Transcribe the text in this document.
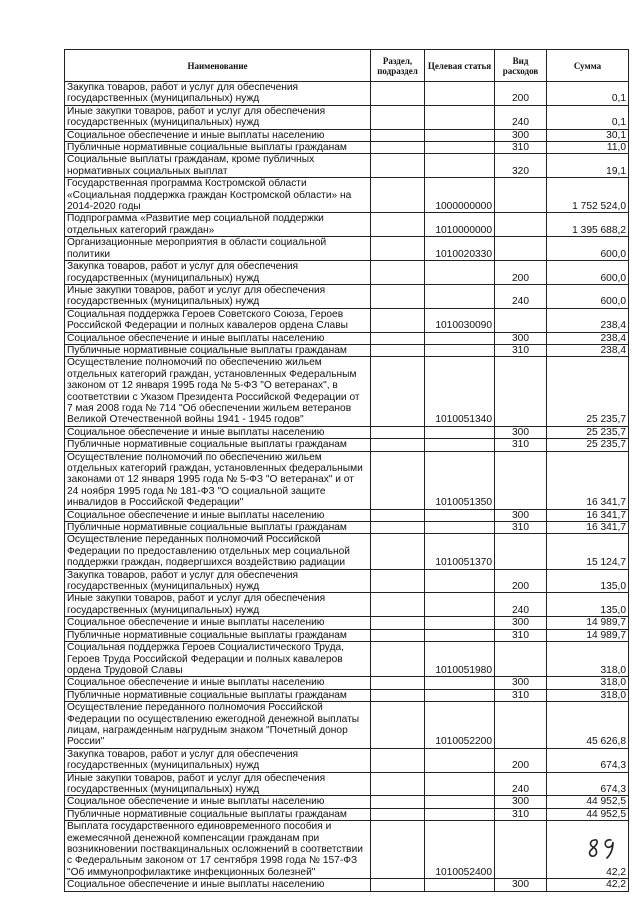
Наименование	Раздел, подраздел	Целевая статья	Вид расходов	Сумма
Закупка товаров, работ и услуг для обеспечения государственных (муниципальных) нужд			200	0,1
Иные закупки товаров, работ и услуг для обеспечения государственных (муниципальных) нужд			240	0,1
Социальное обеспечение и иные выплаты населению			300	30,1
Публичные нормативные социальные выплаты гражданам			310	11,0
Социальные выплаты гражданам, кроме публичных нормативных социальных выплат			320	19,1
Государственная программа Костромской области «Социальная поддержка граждан Костромской области» на 2014-2020 годы		1000000000		1 752 524,0
Подпрограмма «Развитие мер социальной поддержки отдельных категорий граждан»		1010000000		1 395 688,2
Организационные мероприятия в области социальной политики		1010020330		600,0
Закупка товаров, работ и услуг для обеспечения государственных (муниципальных) нужд			200	600,0
Иные закупки товаров, работ и услуг для обеспечения государственных (муниципальных) нужд			240	600,0
Социальная поддержка Героев Советского Союза, Героев Российской Федерации и полных кавалеров ордена Славы		1010030090		238,4
Социальное обеспечение и иные выплаты населению			300	238,4
Публичные нормативные социальные выплаты гражданам			310	238,4
Осуществление полномочий по обеспечению жильем отдельных категорий граждан, установленных Федеральным законом от 12 января 1995 года № 5-ФЗ "О ветеранах", в соответствии с Указом Президента Российской Федерации от 7 мая 2008 года № 714 "Об обеспечении жильем ветеранов Великой Отечественной войны 1941 - 1945 годов"		1010051340		25 235,7
Социальное обеспечение и иные выплаты населению			300	25 235,7
Публичные нормативные социальные выплаты гражданам			310	25 235,7
Осуществление полномочий по обеспечению жильем отдельных категорий граждан, установленных федеральными законами от 12 января 1995 года № 5-ФЗ "О ветеранах" и от 24 ноября 1995 года № 181-ФЗ "О социальной защите инвалидов в Российской Федерации"		1010051350		16 341,7
Социальное обеспечение и иные выплаты населению			300	16 341,7
Публичные нормативные социальные выплаты гражданам			310	16 341,7
Осуществление переданных полномочий Российской Федерации по предоставлению отдельных мер социальной поддержки граждан, подвергшихся воздействию радиации		1010051370		15 124,7
Закупка товаров, работ и услуг для обеспечения государственных (муниципальных) нужд			200	135,0
Иные закупки товаров, работ и услуг для обеспечения государственных (муниципальных) нужд			240	135,0
Социальное обеспечение и иные выплаты населению			300	14 989,7
Публичные нормативные социальные выплаты гражданам			310	14 989,7
Социальная поддержка Героев Социалистического Труда, Героев Труда Российской Федерации и полных кавалеров ордена Трудовой Славы		1010051980		318,0
Социальное обеспечение и иные выплаты населению			300	318,0
Публичные нормативные социальные выплаты гражданам			310	318,0
Осуществление переданного полномочия Российской Федерации по осуществлению ежегодной денежной выплаты лицам, награжденным нагрудным знаком "Почетный донор России"		1010052200		45 626,8
Закупка товаров, работ и услуг для обеспечения государственных (муниципальных) нужд			200	674,3
Иные закупки товаров, работ и услуг для обеспечения государственных (муниципальных) нужд			240	674,3
Социальное обеспечение и иные выплаты населению			300	44 952,5
Публичные нормативные социальные выплаты гражданам			310	44 952,5
Выплата государственного единовременного пособия и ежемесячной денежной компенсации гражданам при возникновении поствакцинальных осложнений в соответствии с Федеральным законом от 17 сентября 1998 года № 157-ФЗ "Об иммунопрофилактике инфекционных болезней"		1010052400		42,2
Социальное обеспечение и иные выплаты населению			300	42,2
